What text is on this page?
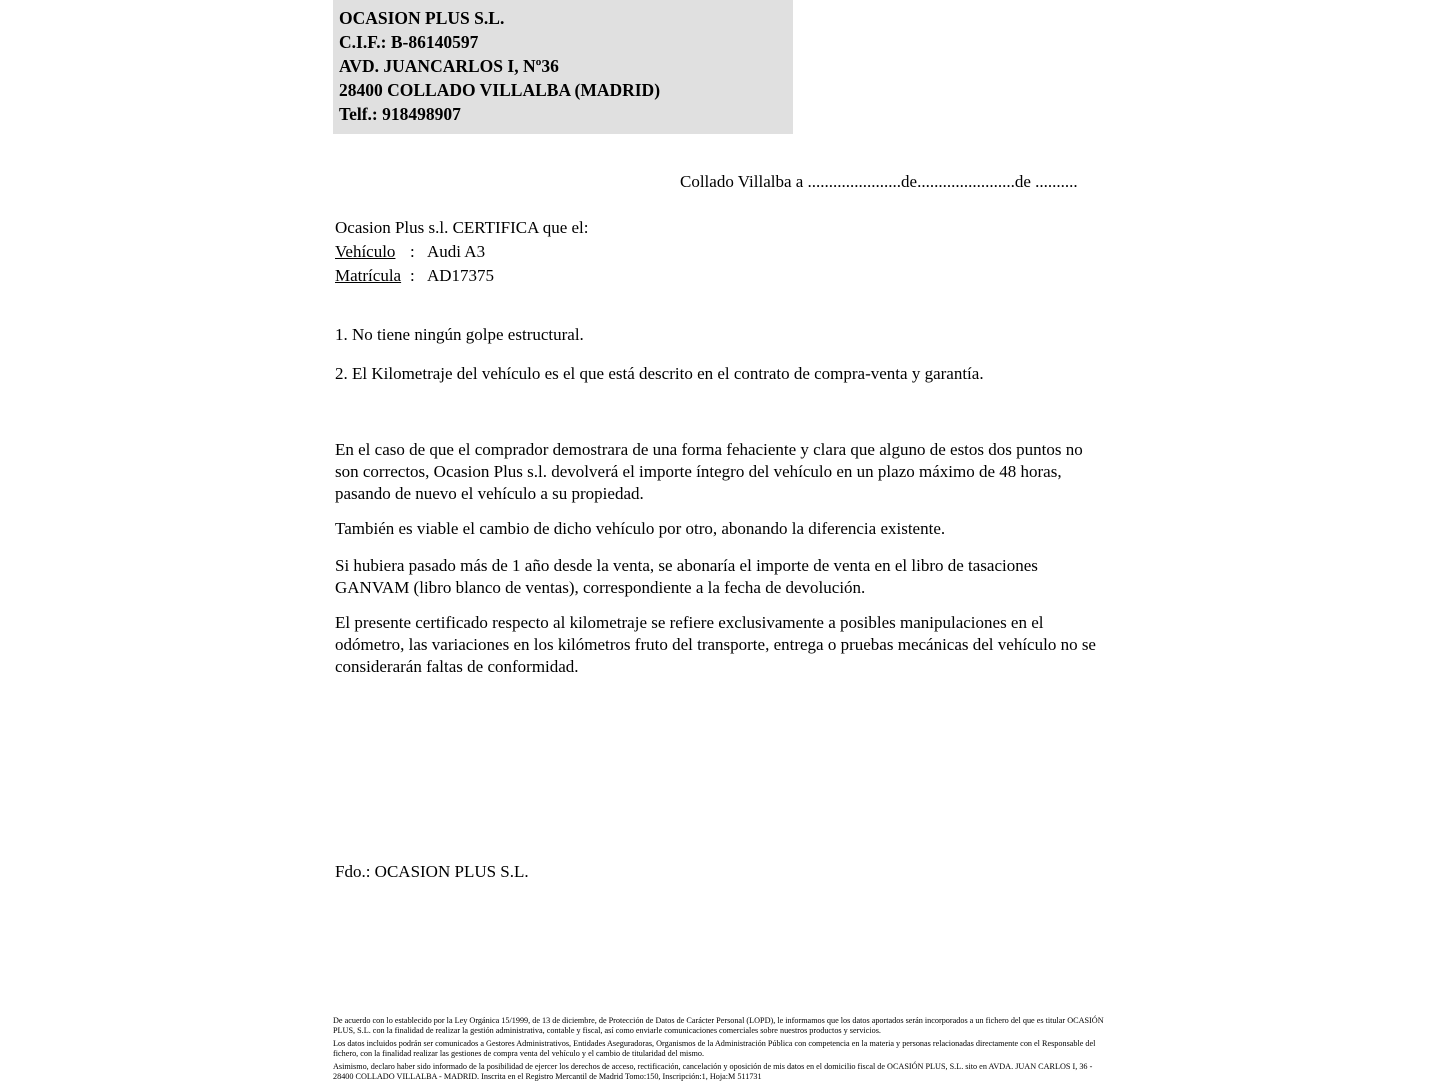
OCASION PLUS S.L.
C.I.F.: B-86140597
AVD. JUANCARLOS I, Nº36
28400 COLLADO VILLALBA (MADRID)
Telf.: 918498907
Collado Villalba a ......................de.......................de ..........
Ocasion Plus s.l. CERTIFICA que el:
Vehículo : Audi A3
Matrícula : AD17375
1. No tiene ningún golpe estructural.
2. El Kilometraje del vehículo es el que está descrito en el contrato de compra-venta y garantía.
En el caso de que el comprador demostrara de una forma fehaciente y clara que alguno de estos dos puntos no son correctos, Ocasion Plus s.l. devolverá el importe íntegro del vehículo en un plazo máximo de 48 horas, pasando de nuevo el vehículo a su propiedad.
También es viable el cambio de dicho vehículo por otro, abonando la diferencia existente.
Si hubiera pasado más de 1 año desde la venta, se abonaría el importe de venta en el libro de tasaciones GANVAM (libro blanco de ventas), correspondiente a la fecha de devolución.
El presente certificado respecto al kilometraje se refiere exclusivamente a posibles manipulaciones en el odómetro, las variaciones en los kilómetros fruto del transporte, entrega o pruebas mecánicas del vehículo no se considerarán faltas de conformidad.
Fdo.: OCASION PLUS S.L.

De acuerdo con lo establecido por la Ley Orgánica 15/1999, de 13 de diciembre, de Protección de Datos de Carácter Personal (LOPD), le informamos que los datos aportados serán incorporados a un fichero del que es titular OCASIÓN PLUS, S.L. con la finalidad de realizar la gestión administrativa, contable y fiscal, así como enviarle comunicaciones comerciales sobre nuestros productos y servicios.

Los datos incluidos podrán ser comunicados a Gestores Administrativos, Entidades Aseguradoras, Organismos de la Administración Pública con competencia en la materia y personas relacionadas directamente con el Responsable del fichero, con la finalidad realizar las gestiones de compra venta del vehículo y el cambio de titularidad del mismo.

Asimismo, declaro haber sido informado de la posibilidad de ejercer los derechos de acceso, rectificación, cancelación y oposición de mis datos en el domicilio fiscal de OCASIÓN PLUS, S.L. sito en AVDA. JUAN CARLOS I, 36 - 28400 COLLADO VILLALBA - MADRID. Inscrita en el Registro Mercantil de Madrid Tomo:150, Inscripción:1, Hoja:M 511731
